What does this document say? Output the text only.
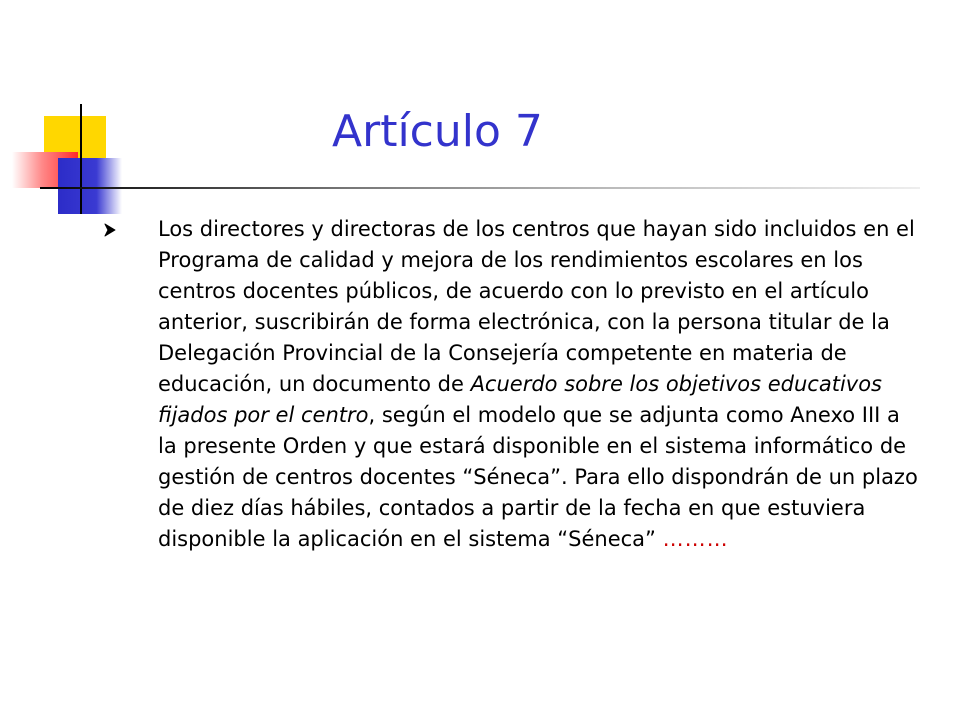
Artículo 7

Los directores y directoras de los centros que hayan sido incluidos en el Programa de calidad y mejora de los rendimientos escolares en los centros docentes públicos, de acuerdo con lo previsto en el artículo anterior, suscribirán de forma electrónica, con la persona titular de la Delegación Provincial de la Consejería competente en materia de educación, un documento de Acuerdo sobre los objetivos educativos fijados por el centro, según el modelo que se adjunta como Anexo III a la presente Orden y que estará disponible en el sistema informático de gestión de centros docentes “Séneca”. Para ello dispondrán de un plazo de diez días hábiles, contados a partir de la fecha en que estuviera disponible la aplicación en el sistema “Séneca” ………
